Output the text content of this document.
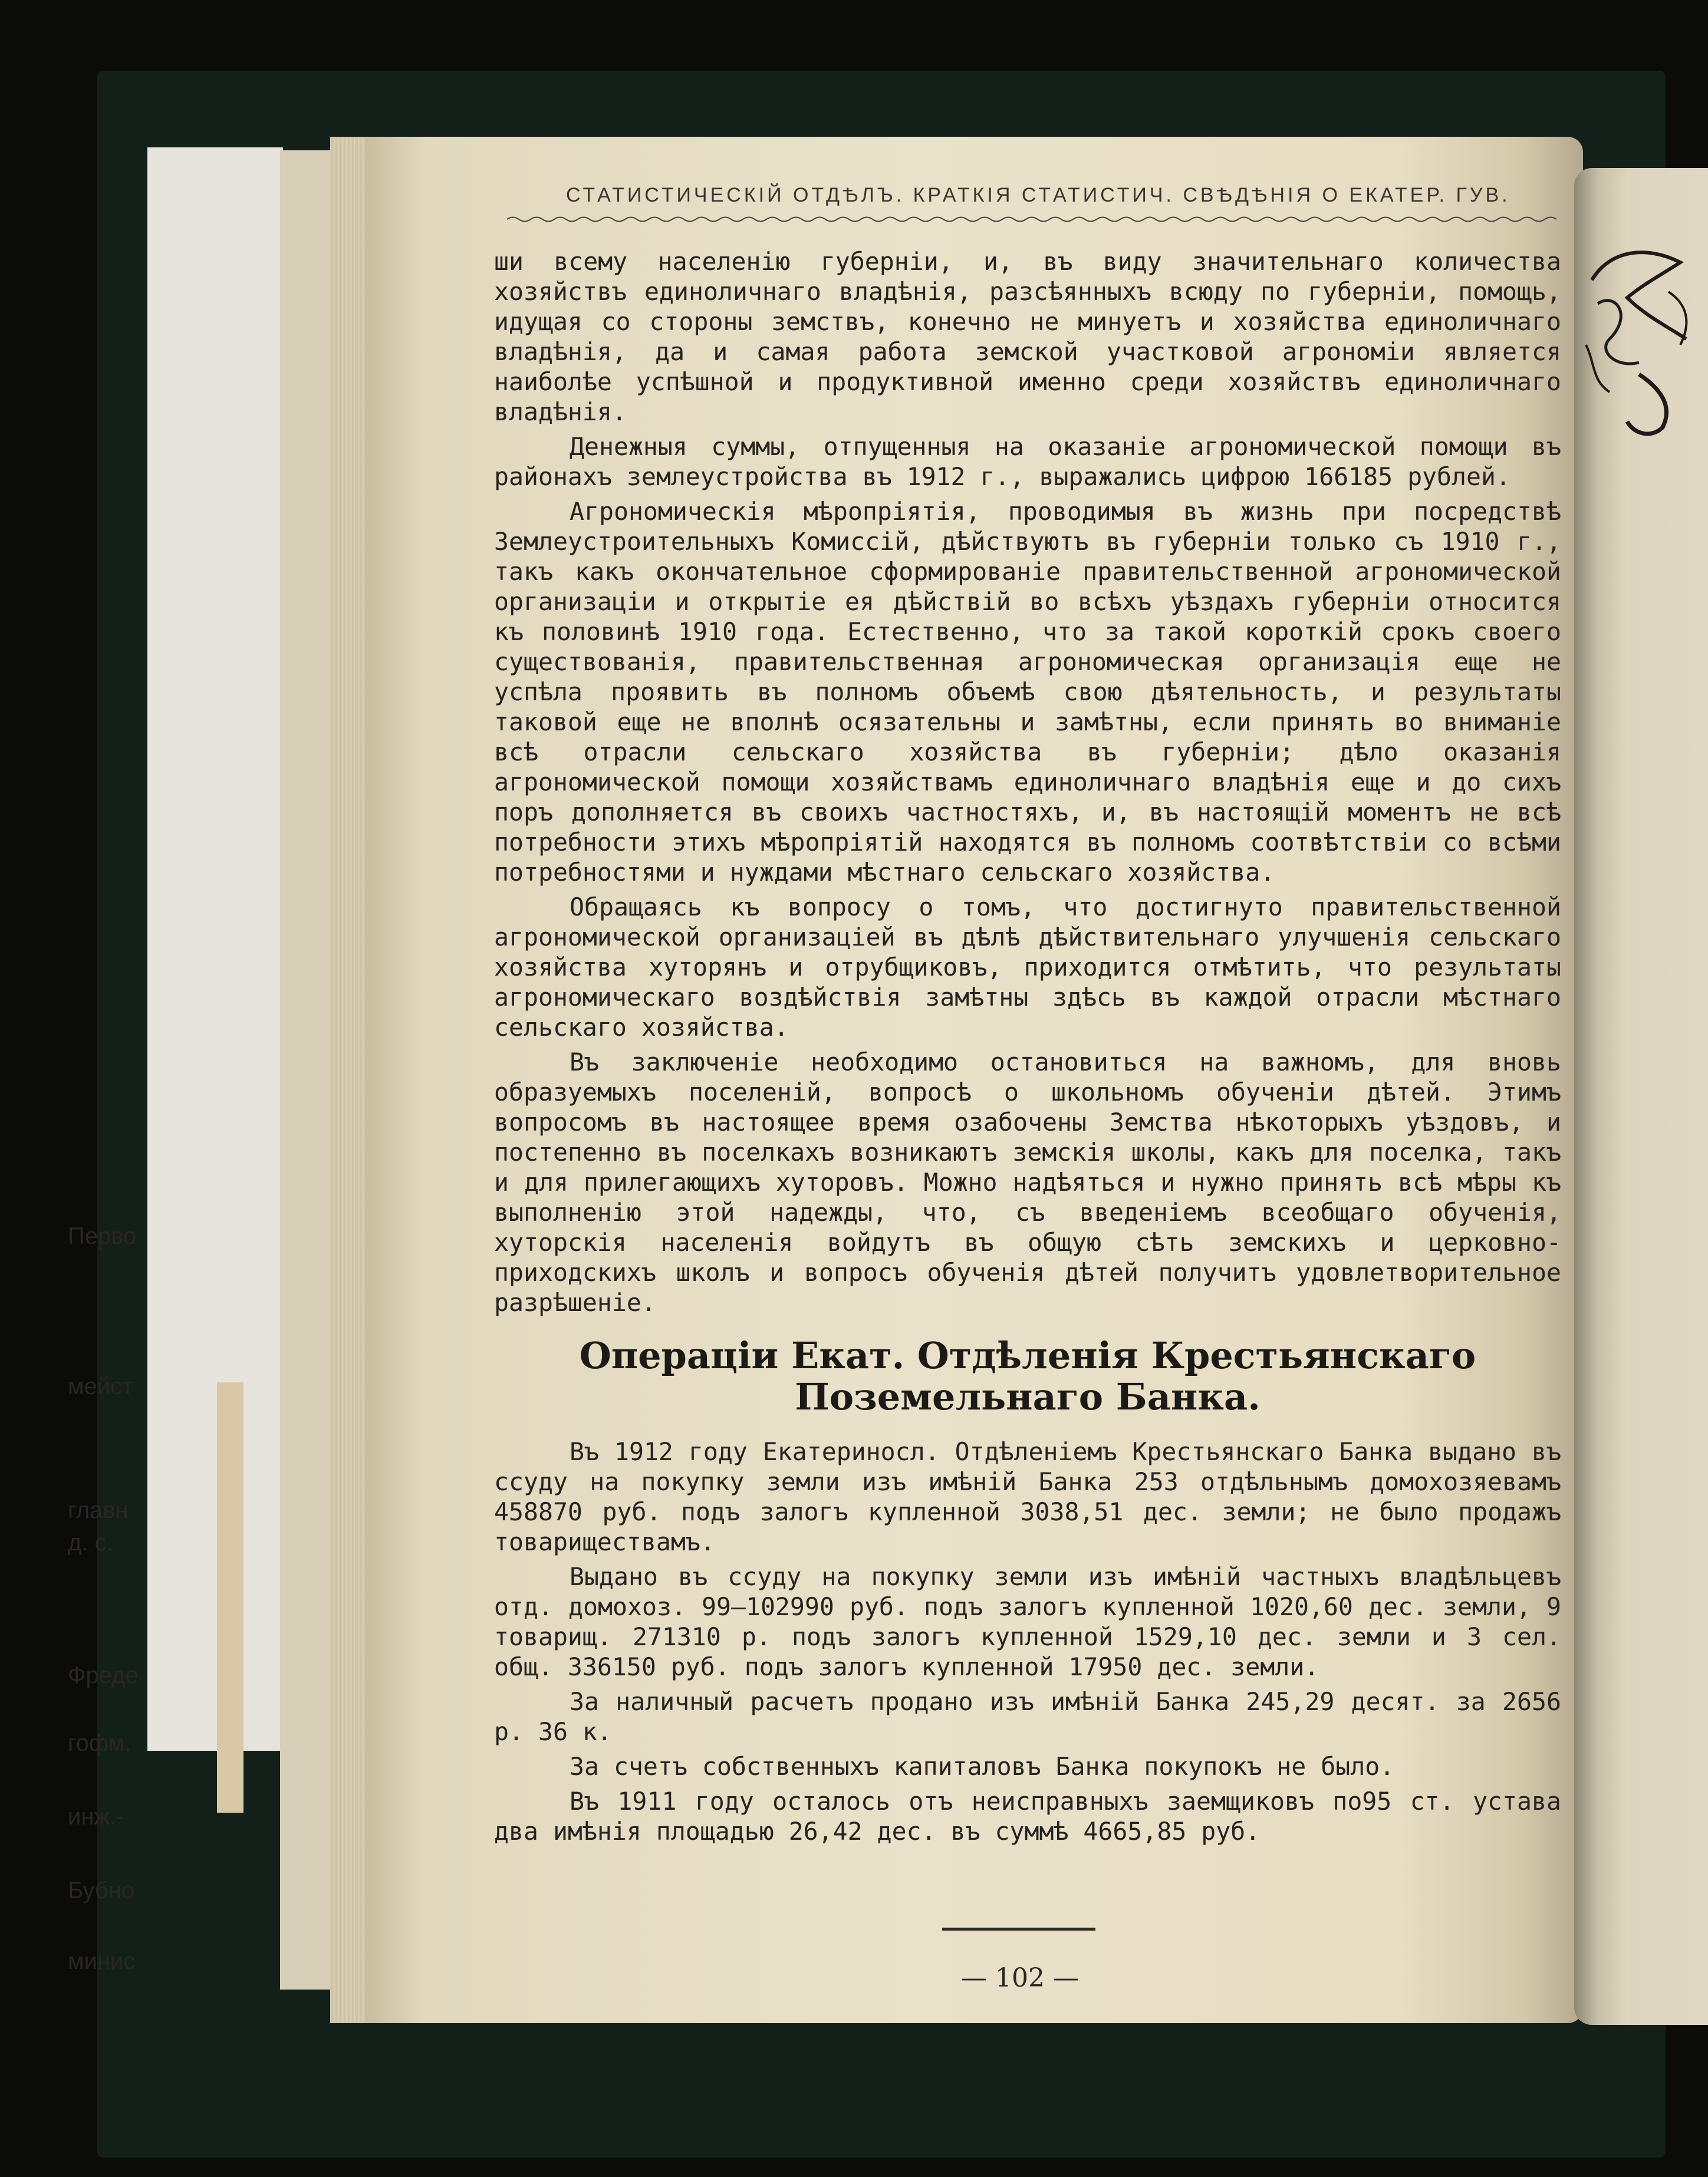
СТАТИСТИЧЕСКIЙ ОТДѢЛЪ. КРАТКIЯ СТАТИСТИЧ. СВѢДѢНIЯ О ЕКАТЕР. ГУВ.

ши всему населенію губерніи, и, въ виду значительнаго количества хозяйствъ единоличнаго владѣнія, разсѣянныхъ всюду по губерніи, помощь, идущая со стороны земствъ, конечно не минуетъ и хозяйства единоличнаго владѣнія, да и самая работа земской участковой агрономіи является наиболѣе успѣшной и продуктивной именно среди хозяйствъ единоличнаго владѣнія.

Денежныя суммы, отпущенныя на оказаніе агрономической помощи въ районахъ землеустройства въ 1912 г., выражались цифрою 166185 рублей.

Агрономическія мѣропріятія, проводимыя въ жизнь при посредствѣ Землеустроительныхъ Комиссій, дѣйствуютъ въ губерніи только съ 1910 г., такъ какъ окончательное сформированіе правительственной агрономической организаціи и открытіе ея дѣйствій во всѣхъ уѣздахъ губерніи относится къ половинѣ 1910 года. Естественно, что за такой короткій срокъ своего существованія, правительственная агрономическая организація еще не успѣла проявить въ полномъ объемѣ свою дѣятельность, и результаты таковой еще не вполнѣ осязательны и замѣтны, если принять во вниманіе всѣ отрасли сельскаго хозяйства въ губерніи; дѣло оказанія агрономической помощи хозяйствамъ единоличнаго владѣнія еще и до сихъ поръ дополняется въ своихъ частностяхъ, и, въ настоящій моментъ не всѣ потребности этихъ мѣропріятій находятся въ полномъ соотвѣтствіи со всѣми потребностями и нуждами мѣстнаго сельскаго хозяйства.

Обращаясь къ вопросу о томъ, что достигнуто правительственной агрономической организаціей въ дѣлѣ дѣйствительнаго улучшенія сельскаго хозяйства хуторянъ и отрубщиковъ, приходится отмѣтить, что результаты агрономическаго воздѣйствія замѣтны здѣсь въ каждой отрасли мѣстнаго сельскаго хозяйства.

Въ заключеніе необходимо остановиться на важномъ, для вновь образуемыхъ поселеній, вопросѣ о школьномъ обученіи дѣтей. Этимъ вопросомъ въ настоящее время озабочены Земства нѣкоторыхъ уѣздовъ, и постепенно въ поселкахъ возникаютъ земскія школы, какъ для поселка, такъ и для прилегающихъ хуторовъ. Можно надѣяться и нужно принять всѣ мѣры къ выполненію этой надежды, что, съ введеніемъ всеобщаго обученія, хуторскія населенія войдутъ въ общую сѣть земскихъ и церковно-приходскихъ школъ и вопросъ обученія дѣтей получитъ удовлетворительное разрѣшеніе.

Операціи Екат. Отдѣленія Крестьянскаго Поземельнаго Банка.

Въ 1912 году Екатериносл. Отдѣленіемъ Крестьянскаго Банка выдано въ ссуду на покупку земли изъ имѣній Банка 253 отдѣльнымъ домохозяевамъ 458870 руб. подъ залогъ купленной 3038,51 дес. земли; не было продажъ товариществамъ.

Выдано въ ссуду на покупку земли изъ имѣній частныхъ владѣльцевъ отд. домохоз. 99—102990 руб. подъ залогъ купленной 1020,60 дес. земли, 9 товарищ. 271310 р. подъ залогъ купленной 1529,10 дес. земли и 3 сел. общ. 336150 руб. подъ залогъ купленной 17950 дес. земли.

За наличный расчетъ продано изъ имѣній Банка 245,29 десят. за 2656 р. 36 к.

За счетъ собственныхъ капиталовъ Банка покупокъ не было.

Въ 1911 году осталось отъ неисправныхъ заемщиковъ по95 ст. устава два имѣнія площадью 26,42 дес. въ суммѣ 4665,85 руб.

— 102 —
Перво
мейст
главн
д. с.
Фреде
гофм.
инж.-
Бубно
минис
